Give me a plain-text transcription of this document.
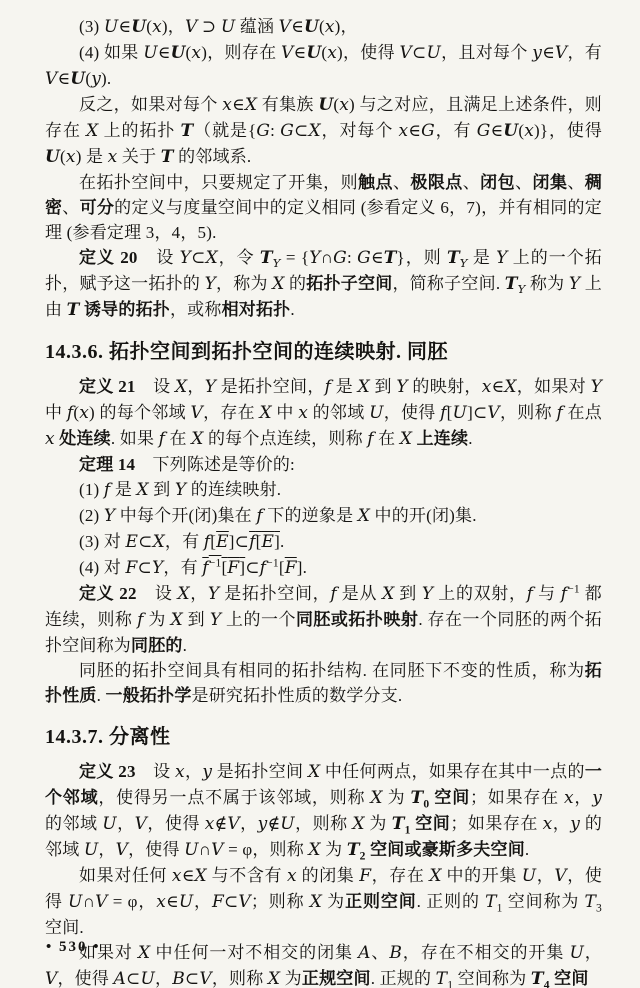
(3) U∈U(x)，V ⊃ U 蕴涵 V∈U(x)，

(4) 如果 U∈U(x)，则存在 V∈U(x)，使得 V⊂U，且对每个 y∈V，有 V∈U(y).

反之，如果对每个 x∈X 有集族 U(x) 与之对应，且满足上述条件，则存在 X 上的拓扑 T（就是{G: G⊂X，对每个 x∈G，有 G∈U(x)}，使得 U(x) 是 x 关于 T 的邻域系.

在拓扑空间中，只要规定了开集，则触点、极限点、闭包、闭集、稠密、可分的定义与度量空间中的定义相同 (参看定义 6，7)，并有相同的定理 (参看定理 3，4，5).

定义 20　设 Y⊂X，令 $T_Y$ = {Y∩G: G∈T}，则 $T_Y$ 是 Y 上的一个拓扑，赋予这一拓扑的 Y，称为 X 的拓扑子空间，简称子空间. $T_Y$ 称为 Y 上由 T 诱导的拓扑，或称相对拓扑.

14.3.6. 拓扑空间到拓扑空间的连续映射. 同胚

定义 21　设 X，Y 是拓扑空间，f 是 X 到 Y 的映射，x∈X，如果对 Y 中 f(x) 的每个邻域 V，存在 X 中 x 的邻域 U，使得 f[U]⊂V，则称 f 在点 x 处连续. 如果 f 在 X 的每个点连续，则称 f 在 X 上连续.

定理 14　下列陈述是等价的:

(1) f 是 X 到 Y 的连续映射.

(2) Y 中每个开(闭)集在 f 下的逆象是 X 中的开(闭)集.

(3) 对 E⊂X，有 $f[\overline{E}]\subset f[E]$.

(4) 对 F⊂Y，有 $f^{-1}[F]\subset f^{-1}[\overline{F}]$.

定义 22　设 X，Y 是拓扑空间，f 是从 X 到 Y 上的双射，f 与 $f^{-1}$ 都连续，则称 f 为 X 到 Y 上的一个同胚或拓扑映射. 存在一个同胚的两个拓扑空间称为同胚的.

同胚的拓扑空间具有相同的拓扑结构. 在同胚下不变的性质，称为拓扑性质. 一般拓扑学是研究拓扑性质的数学分支.

14.3.7. 分离性

定义 23　设 x，y 是拓扑空间 X 中任何两点，如果存在其中一点的一个邻域，使得另一点不属于该邻域，则称 X 为 $T_0$ 空间；如果存在 x，y 的邻域 U，V，使得 x∉V，y∉U，则称 X 为 $T_1$ 空间；如果存在 x，y 的邻域 U，V，使得 U∩V = φ，则称 X 为 $T_2$ 空间或豪斯多夫空间.

如果对任何 x∈X 与不含有 x 的闭集 F，存在 X 中的开集 U，V，使得 U∩V = φ，x∈U，F⊂V；则称 X 为正则空间. 正则的 $T_1$ 空间称为 $T_3$ 空间.

如果对 X 中任何一对不相交的闭集 A、B，存在不相交的开集 U，V，使得 A⊂U，B⊂V，则称 X 为正规空间. 正规的 $T_1$ 空间称为 $T_4$ 空间

• 530 •
